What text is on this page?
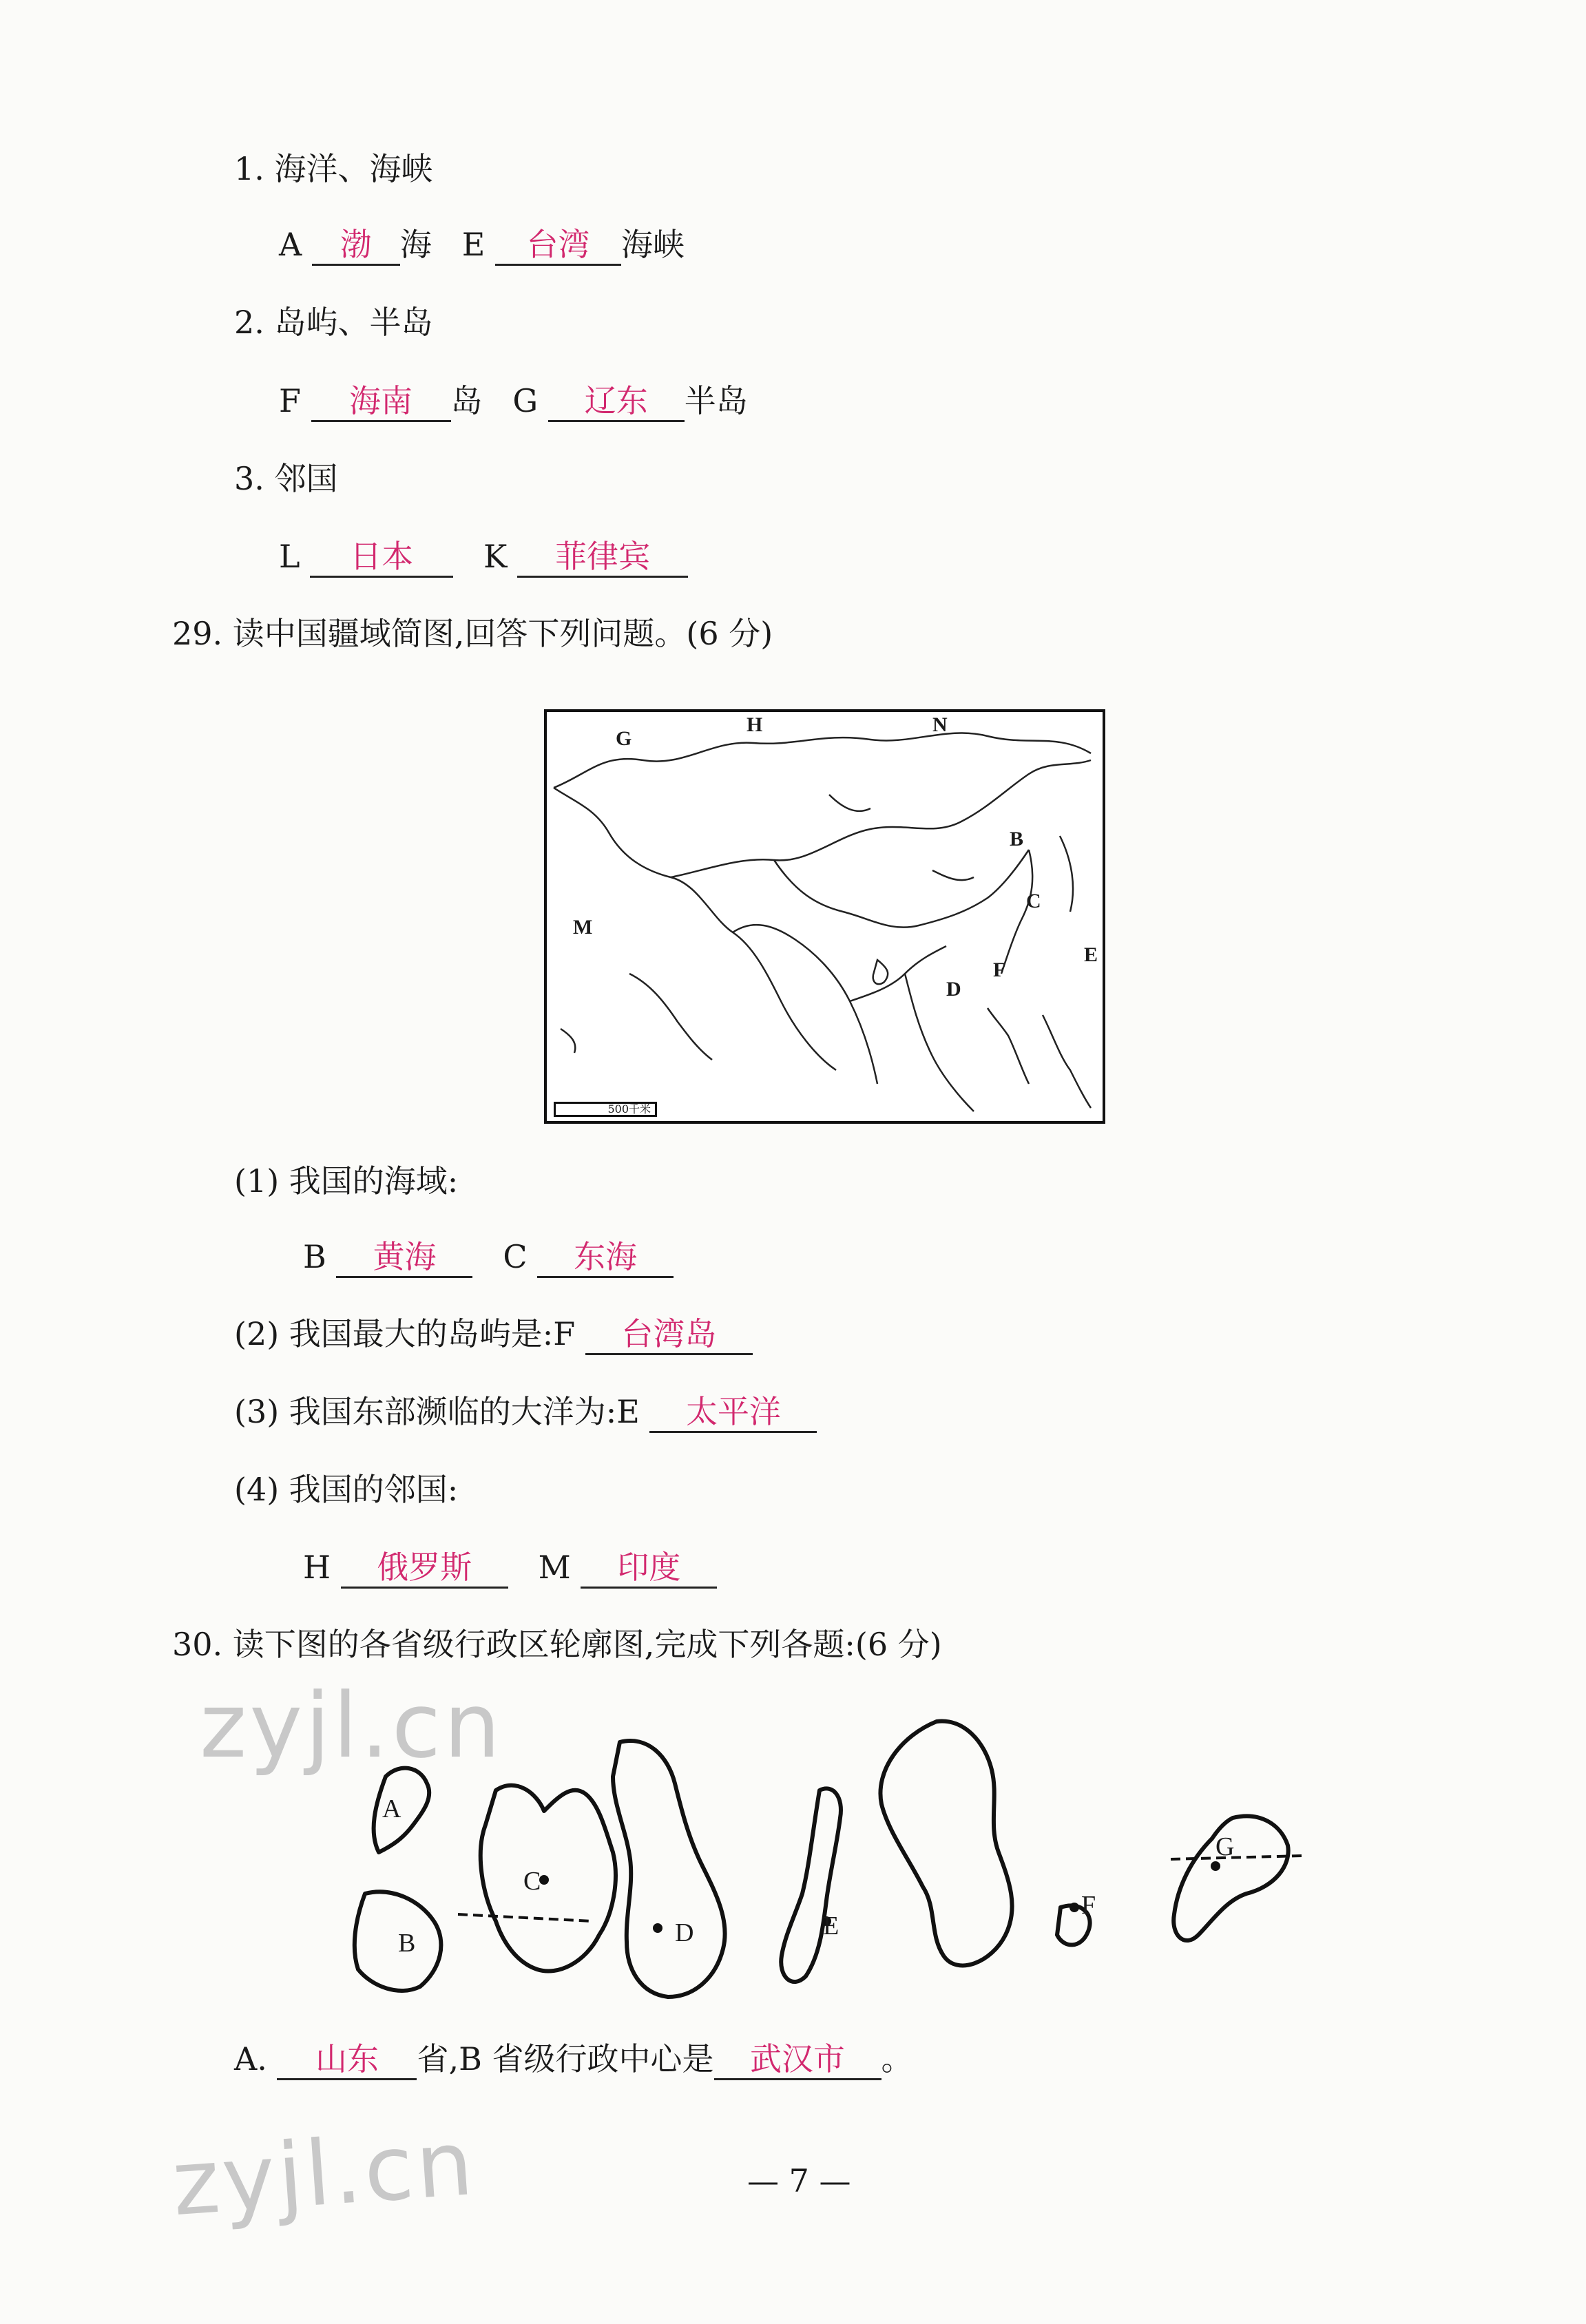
1. 海洋、海峡
A 渤 海 E 台湾 海峡
2. 岛屿、半岛
F 海南 岛 G 辽东 半岛
3. 邻国
L 日本 K 菲律宾
29. 读中国疆域简图,回答下列问题。(6 分)
G
H	N
B
C
M
E
D
F
500千米
(1) 我国的海域:
B 黄海 C 东海
(2) 我国最大的岛屿是:F 台湾岛
(3) 我国东部濒临的大洋为:E 太平洋
(4) 我国的邻国:
H 俄罗斯 M 印度
30. 读下图的各省级行政区轮廓图,完成下列各题:(6 分)
zyjl.cn
A
B
C
D	E
F
G
A. 山东 省,B 省级行政中心是 武汉市 。
zyjl.cn	— 7 —
